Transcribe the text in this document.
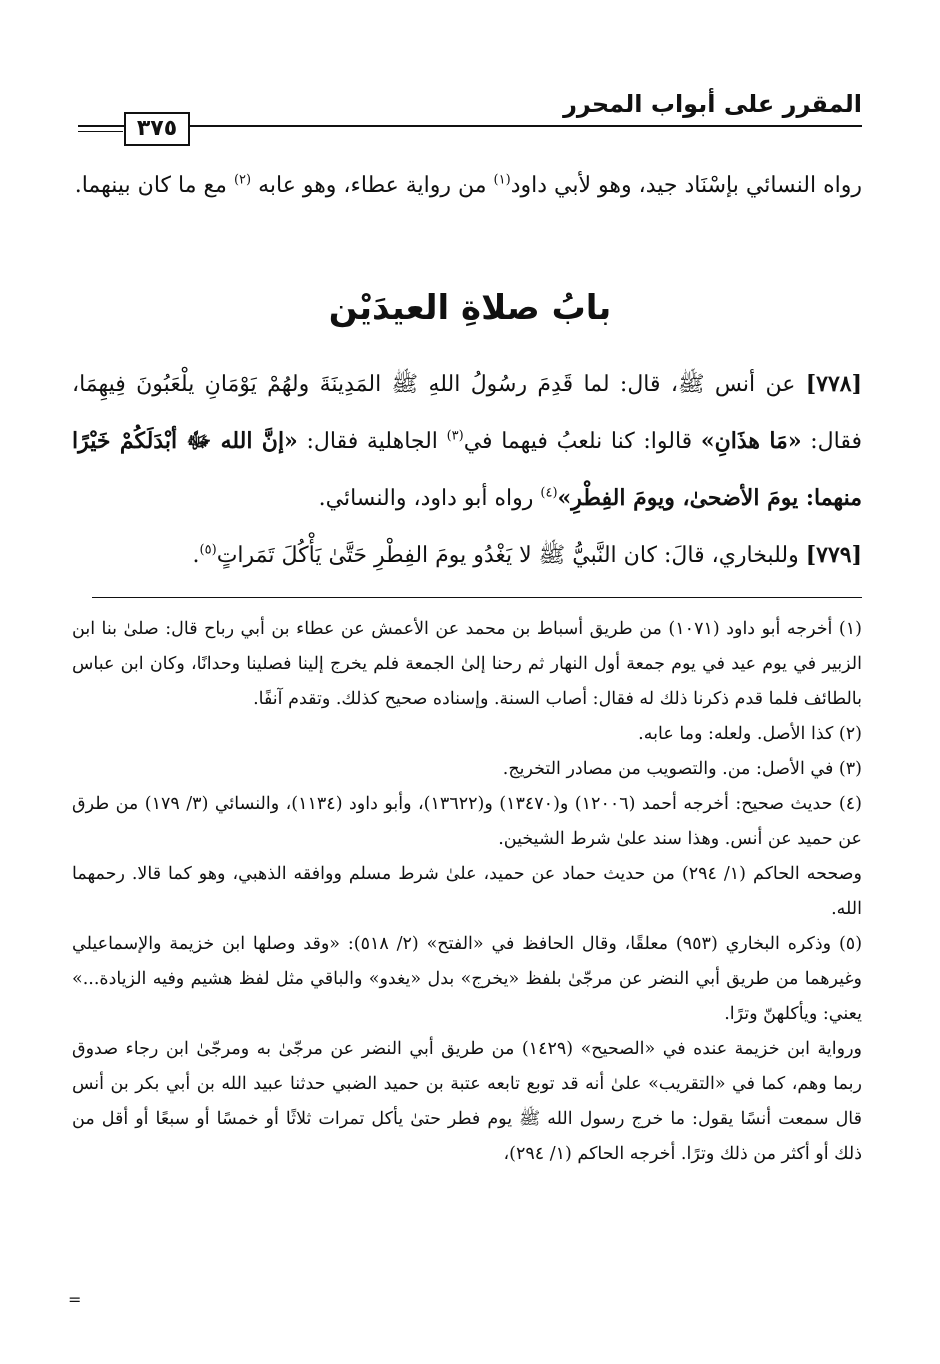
المقرر على أبواب المحرر
٣٧٥
رواه النسائي بإسْنَاد جيد، وهو لأبي داود$^{(١)}$ من رواية عطاء، وهو عابه $^{(٢)}$ مع ما كان بينهما.
بابُ صلاةِ العيدَيْن
[٧٧٨] عن أنس ﷺ، قال: لما قَدِمَ رسُولُ اللهِ ﷺ المَدِينَةَ ولهُمْ يَوْمَانِ يلْعَبُونَ فِيهِمَا، فقال: «مَا هذَانِ» قالوا: كنا نلعبُ فيهما في$^{(٣)}$ الجاهلية فقال: «إنَّ الله ﷻ أبْدَلَكُمْ خَيْرًا منهما: يومَ الأضحىٰ، ويومَ الفِطْرِ»$^{(٤)}$ رواه أبو داود، والنسائي.
[٧٧٩] وللبخاري، قالَ: كان النَّبيُّ ﷺ لا يَغْدُو يومَ الفِطْرِ حَتَّىٰ يَأْكُلَ تَمَراتٍ$^{(٥)}$.

(١) أخرجه أبو داود (١٠٧١) من طريق أسباط بن محمد عن الأعمش عن عطاء بن أبي رباح قال: صلىٰ بنا ابن الزبير في يوم عيد في يوم جمعة أول النهار ثم رحنا إلىٰ الجمعة فلم يخرج إلينا فصلينا وحدانًا، وكان ابن عباس بالطائف فلما قدم ذكرنا ذلك له فقال: أصاب السنة. وإسناده صحيح كذلك. وتقدم آنفًا.

(٢) كذا الأصل. ولعله: وما عابه.

(٣) في الأصل: من. والتصويب من مصادر التخريج.

(٤) حديث صحيح: أخرجه أحمد (١٢٠٠٦) و(١٣٤٧٠) و(١٣٦٢٢)، وأبو داود (١١٣٤)، والنسائي (٣/ ١٧٩) من طرق عن حميد عن أنس. وهذا سند علىٰ شرط الشيخين.

وصححه الحاكم (١/ ٢٩٤) من حديث حماد عن حميد، علىٰ شرط مسلم ووافقه الذهبي، وهو كما قالا. رحمهما الله.

(٥) وذكره البخاري (٩٥٣) معلقًا، وقال الحافظ في «الفتح» (٢/ ٥١٨): «وقد وصلها ابن خزيمة والإسماعيلي وغيرهما من طريق أبي النضر عن مرجّىٰ بلفظ «يخرج» بدل «يغدو» والباقي مثل لفظ هشيم وفيه الزيادة...» يعني: ويأكلهنّ وترًا.

ورواية ابن خزيمة عنده في «الصحيح» (١٤٢٩) من طريق أبي النضر عن مرجّىٰ به ومرجّىٰ ابن رجاء صدوق ربما وهم، كما في «التقريب» علىٰ أنه قد توبع تابعه عتبة بن حميد الضبي حدثنا عبيد الله بن أبي بكر بن أنس قال سمعت أنسًا يقول: ما خرج رسول الله ﷺ يوم فطر حتىٰ يأكل تمرات ثلاثًا أو خمسًا أو سبعًا أو أقل من ذلك أو أكثر من ذلك وترًا. أخرجه الحاكم (١/ ٢٩٤)،

=
